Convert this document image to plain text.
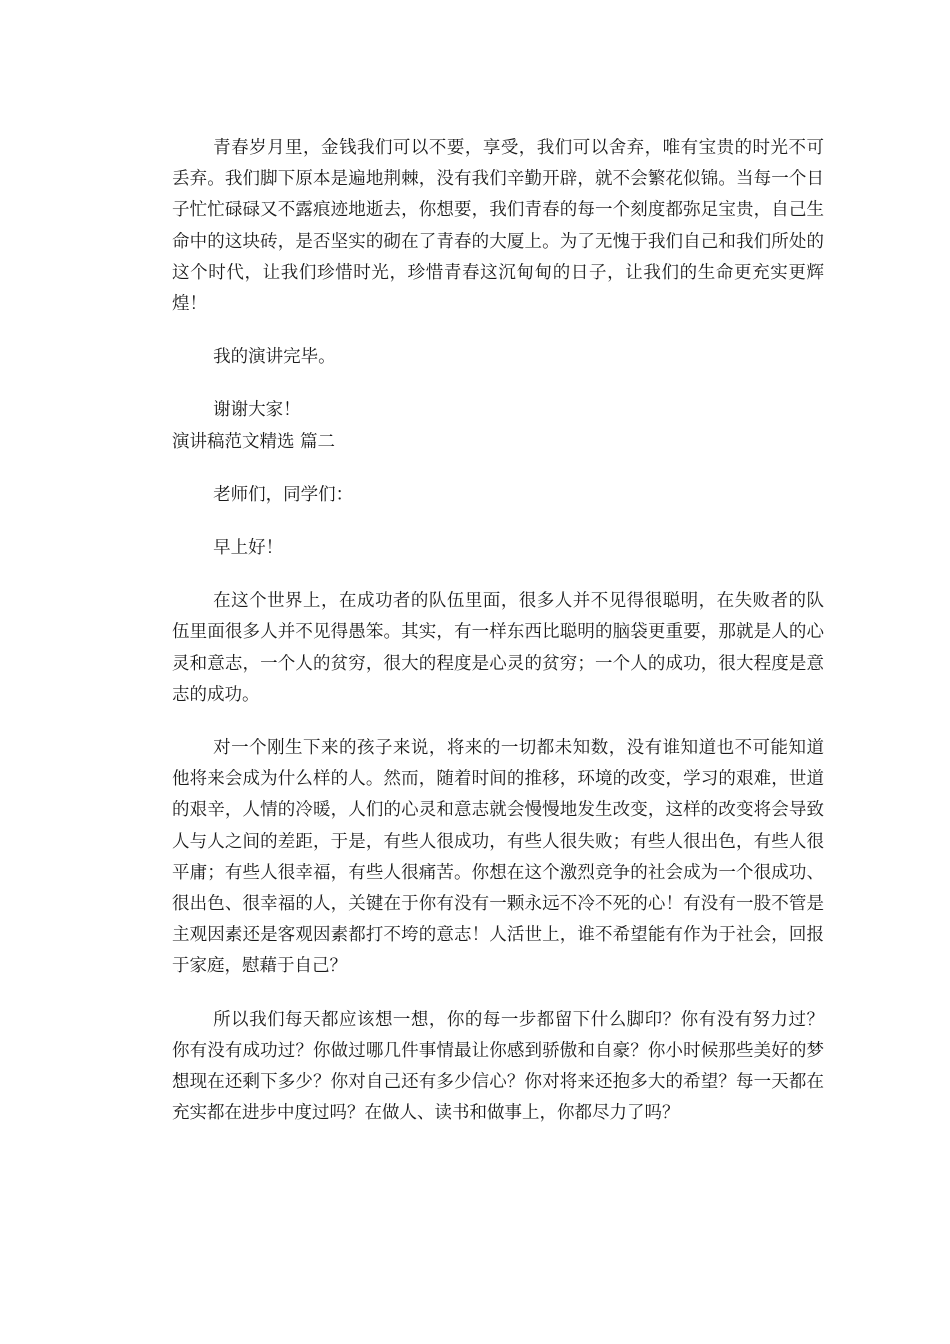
青春岁月里，金钱我们可以不要，享受，我们可以舍弃，唯有宝贵的时光不可丢弃。我们脚下原本是遍地荆棘，没有我们辛勤开辟，就不会繁花似锦。当每一个日子忙忙碌碌又不露痕迹地逝去，你想要，我们青春的每一个刻度都弥足宝贵，自己生命中的这块砖，是否坚实的砌在了青春的大厦上。为了无愧于我们自己和我们所处的这个时代，让我们珍惜时光，珍惜青春这沉甸甸的日子，让我们的生命更充实更辉煌！

我的演讲完毕。

谢谢大家！

演讲稿范文精选 篇二

老师们，同学们：

早上好！

在这个世界上，在成功者的队伍里面，很多人并不见得很聪明，在失败者的队伍里面很多人并不见得愚笨。其实，有一样东西比聪明的脑袋更重要，那就是人的心灵和意志，一个人的贫穷，很大的程度是心灵的贫穷；一个人的成功，很大程度是意志的成功。

对一个刚生下来的孩子来说，将来的一切都未知数，没有谁知道也不可能知道他将来会成为什么样的人。然而，随着时间的推移，环境的改变，学习的艰难，世道的艰辛，人情的冷暖，人们的心灵和意志就会慢慢地发生改变，这样的改变将会导致人与人之间的差距，于是，有些人很成功，有些人很失败；有些人很出色，有些人很平庸；有些人很幸福，有些人很痛苦。你想在这个激烈竞争的社会成为一个很成功、很出色、很幸福的人，关键在于你有没有一颗永远不冷不死的心！有没有一股不管是主观因素还是客观因素都打不垮的意志！人活世上，谁不希望能有作为于社会，回报于家庭，慰藉于自己？

所以我们每天都应该想一想，你的每一步都留下什么脚印？你有没有努力过？你有没有成功过？你做过哪几件事情最让你感到骄傲和自豪？你小时候那些美好的梦想现在还剩下多少？你对自己还有多少信心？你对将来还抱多大的希望？每一天都在充实都在进步中度过吗？在做人、读书和做事上，你都尽力了吗？
